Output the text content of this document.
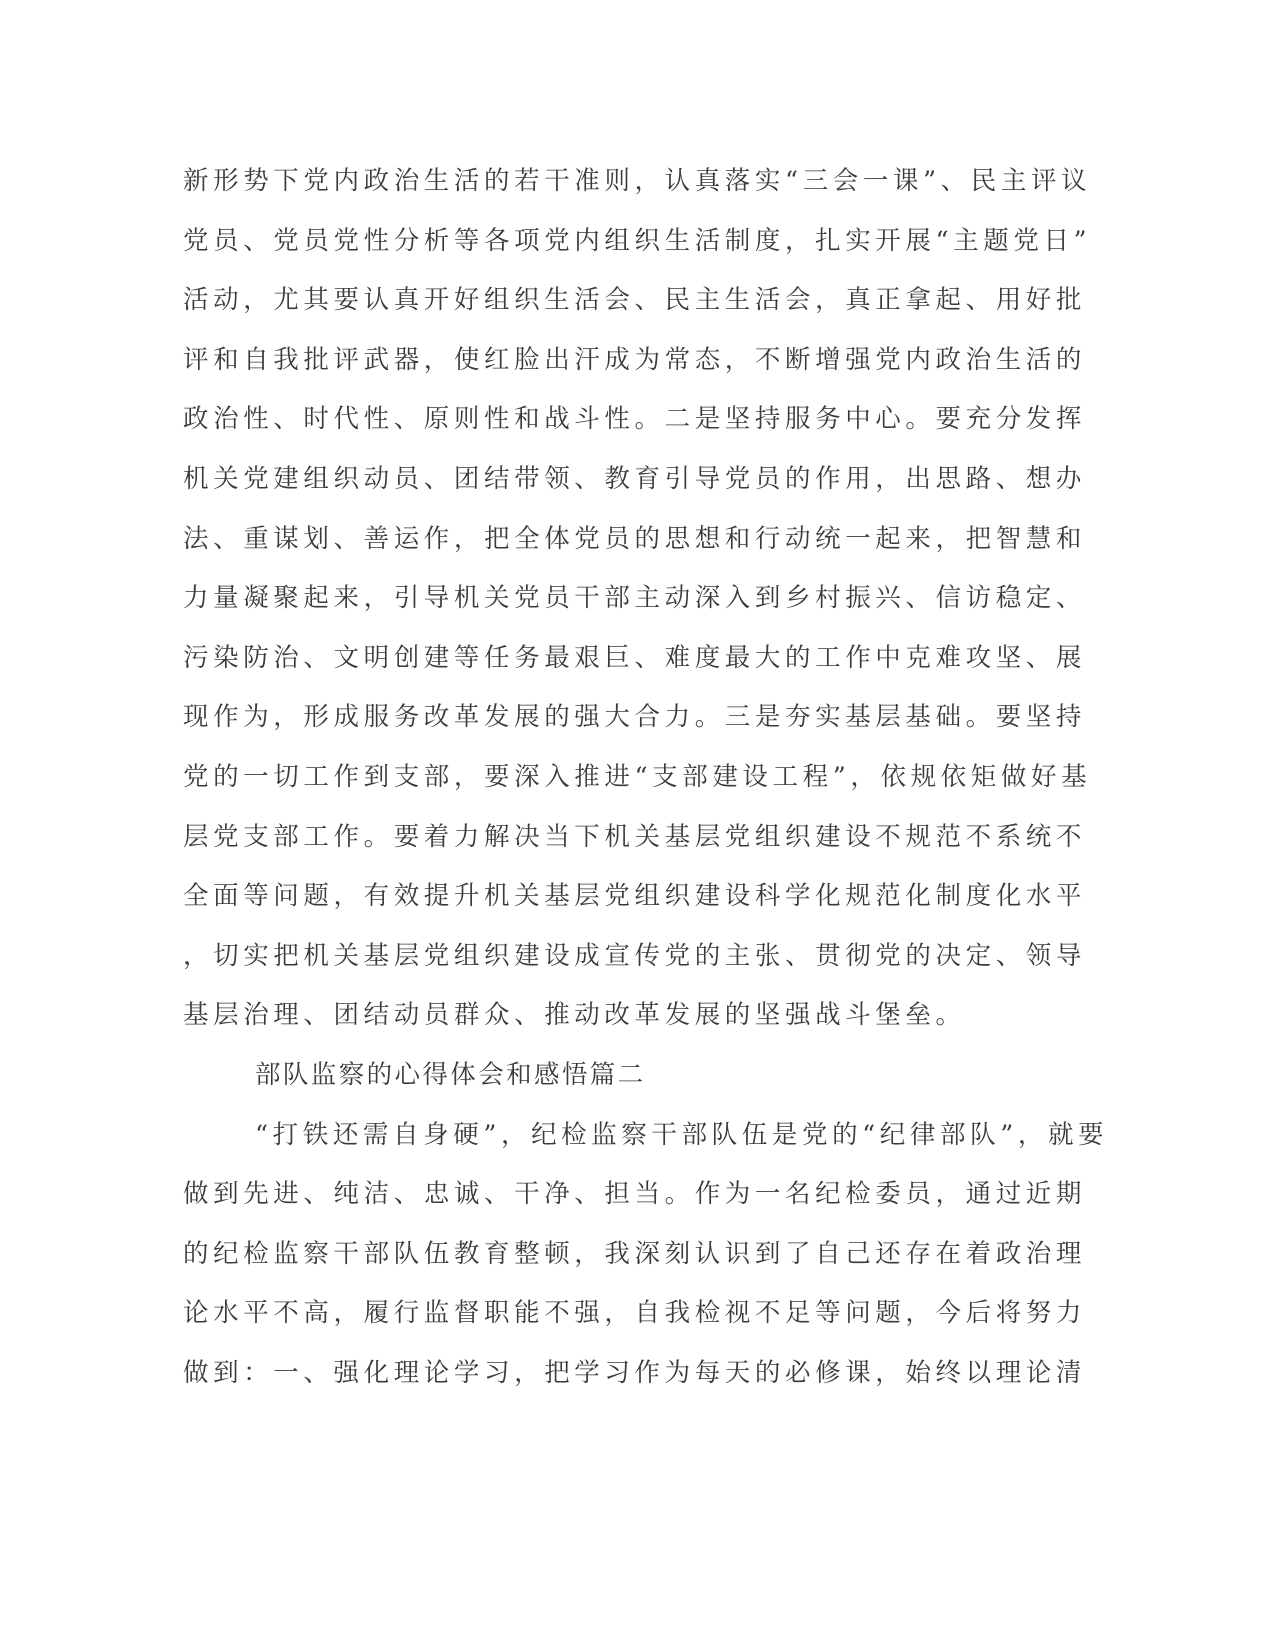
新形势下党内政治生活的若干准则，认真落实“三会一课”、民主评议
党员、党员党性分析等各项党内组织生活制度，扎实开展“主题党日”
活动，尤其要认真开好组织生活会、民主生活会，真正拿起、用好批
评和自我批评武器，使红脸出汗成为常态，不断增强党内政治生活的
政治性、时代性、原则性和战斗性。二是坚持服务中心。要充分发挥
机关党建组织动员、团结带领、教育引导党员的作用，出思路、想办
法、重谋划、善运作，把全体党员的思想和行动统一起来，把智慧和
力量凝聚起来，引导机关党员干部主动深入到乡村振兴、信访稳定、
污染防治、文明创建等任务最艰巨、难度最大的工作中克难攻坚、展
现作为，形成服务改革发展的强大合力。三是夯实基层基础。要坚持
党的一切工作到支部，要深入推进“支部建设工程”，依规依矩做好基
层党支部工作。要着力解决当下机关基层党组织建设不规范不系统不
全面等问题，有效提升机关基层党组织建设科学化规范化制度化水平
，切实把机关基层党组织建设成宣传党的主张、贯彻党的决定、领导
基层治理、团结动员群众、推动改革发展的坚强战斗堡垒。
部队监察的心得体会和感悟篇二
“打铁还需自身硬”，纪检监察干部队伍是党的“纪律部队”，就要
做到先进、纯洁、忠诚、干净、担当。作为一名纪检委员，通过近期
的纪检监察干部队伍教育整顿，我深刻认识到了自己还存在着政治理
论水平不高，履行监督职能不强，自我检视不足等问题，今后将努力
做到：一、强化理论学习，把学习作为每天的必修课，始终以理论清
